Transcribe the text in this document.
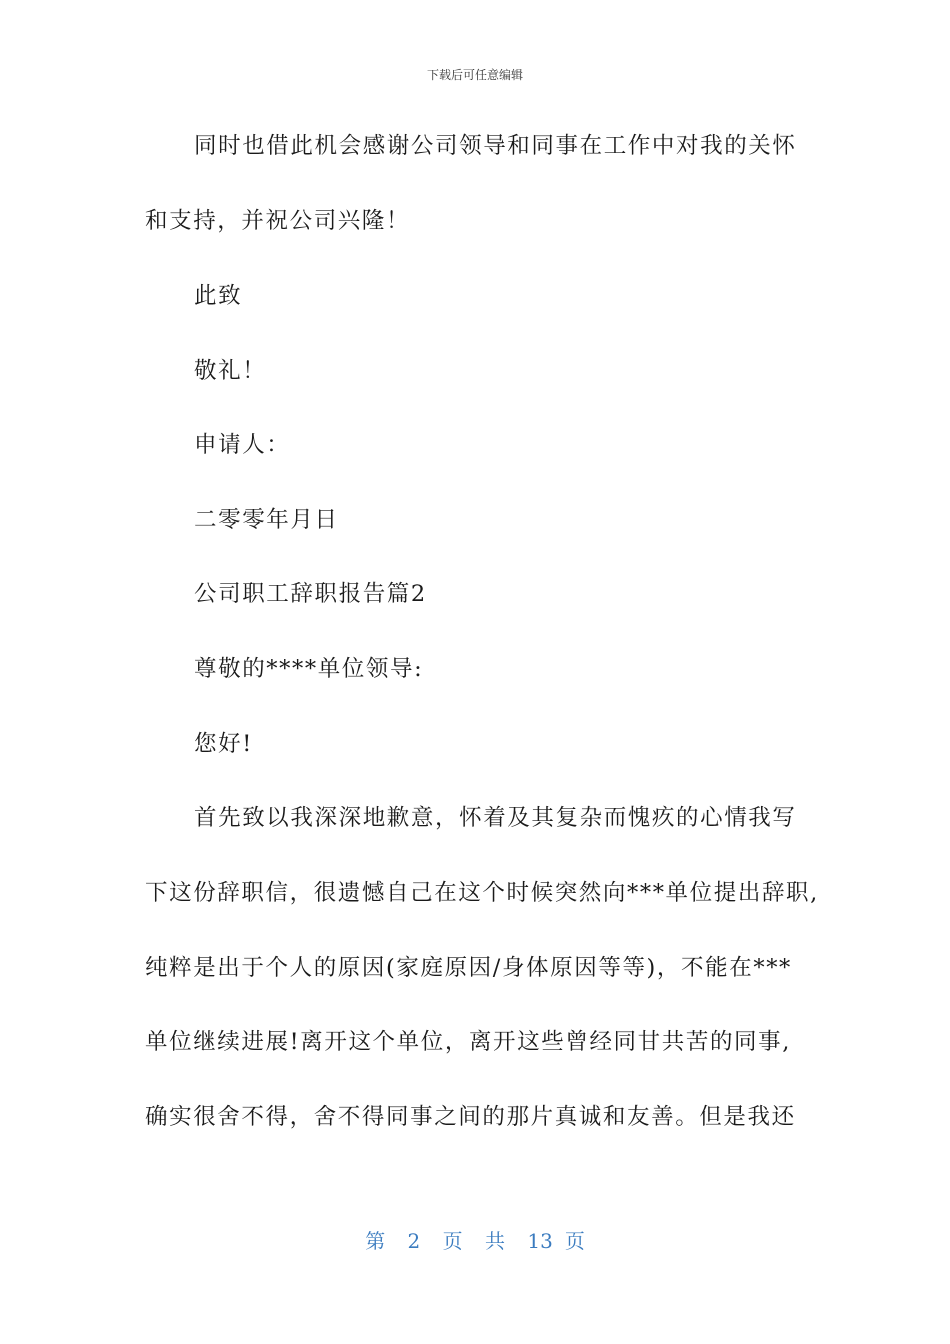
下载后可任意编辑
同时也借此机会感谢公司领导和同事在工作中对我的关怀
和支持，并祝公司兴隆！
此致
敬礼！
申请人：
二零零年月日
公司职工辞职报告篇2
尊敬的****单位领导:
您好!
首先致以我深深地歉意，怀着及其复杂而愧疚的心情我写
下这份辞职信，很遗憾自己在这个时候突然向***单位提出辞职,
纯粹是出于个人的原因(家庭原因/身体原因等等)，不能在***
单位继续进展!离开这个单位，离开这些曾经同甘共苦的同事,
确实很舍不得，舍不得同事之间的那片真诚和友善。但是我还
第 2 页 共 13 页
